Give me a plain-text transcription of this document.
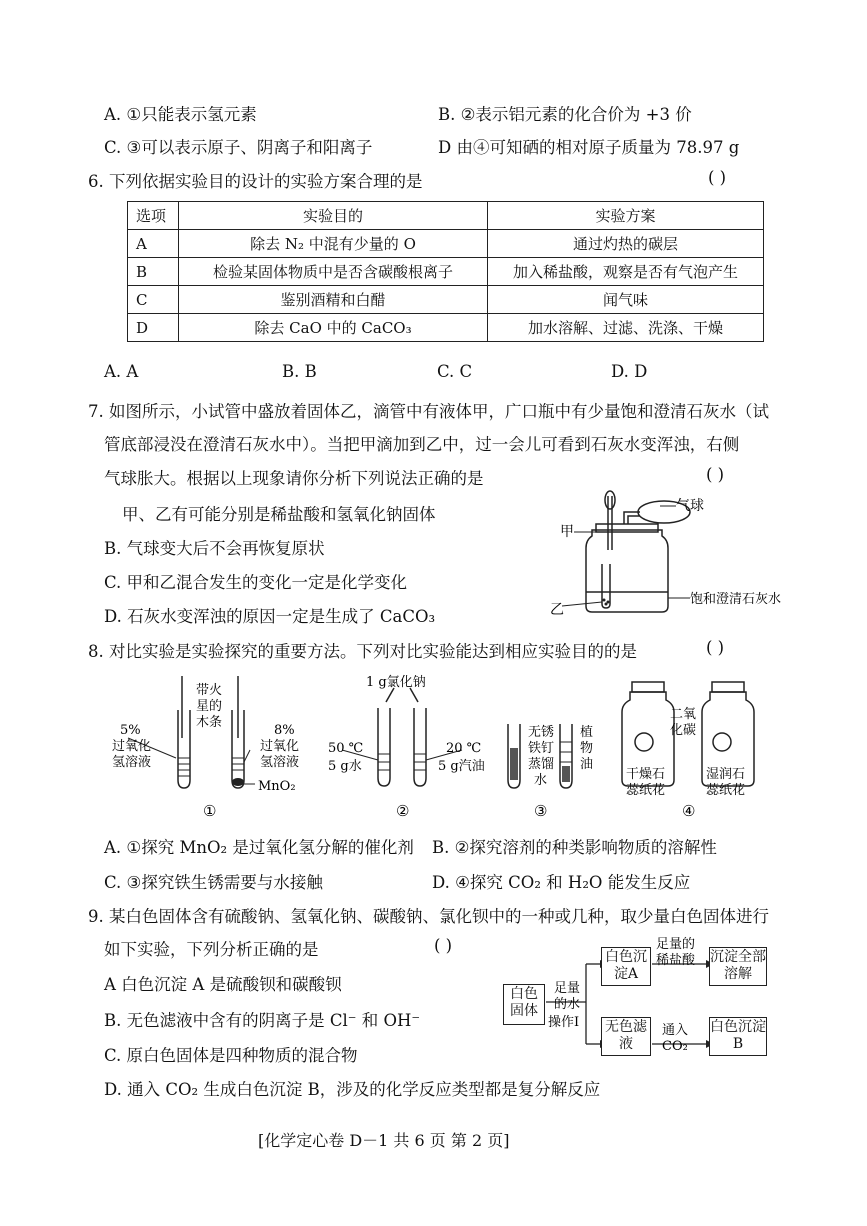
A. ①只能表示氢元素	B. ②表示铝元素的化合价为 +3 价
C. ③可以表示原子、阴离子和阳离子	D 由④可知硒的相对原子质量为 78.97 g
6. 下列依据实验目的设计的实验方案合理的是	( )
选项	实验目的	实验方案
A	除去 N₂ 中混有少量的 O	通过灼热的碳层
B	检验某固体物质中是否含碳酸根离子	加入稀盐酸，观察是否有气泡产生
C	鉴别酒精和白醋	闻气味
D	除去 CaO 中的 CaCO₃	加水溶解、过滤、洗涤、干燥
A. A	B. B	C. C	D. D
7. 如图所示，小试管中盛放着固体乙，滴管中有液体甲，广口瓶中有少量饱和澄清石灰水（试
管底部浸没在澄清石灰水中）。当把甲滴加到乙中，过一会儿可看到石灰水变浑浊，右侧
气球胀大。根据以上现象请你分析下列说法正确的是	( )
甲、乙有可能分别是稀盐酸和氢氧化钠固体
B. 气球变大后不会再恢复原状
C. 甲和乙混合发生的变化一定是化学变化
D. 石灰水变浑浊的原因一定是生成了 CaCO₃
气球
甲
乙
饱和澄清石灰水
8. 对比实验是实验探究的重要方法。下列对比实验能达到相应实验目的的是	( )
5%
过氧化
氢溶液
带火
星的
木条
8%
过氧化
氢溶液
MnO₂
①
1 g氯化钠
50 ℃
5 g水
20 ℃
5 g汽油
②
无锈
铁钉
蒸馏
水
植
物
油
③
二氧
化碳
干燥石
蕊纸花
湿润石
蕊纸花
④
A. ①探究 MnO₂ 是过氧化氢分解的催化剂 B. ②探究溶剂的种类影响物质的溶解性
C. ③探究铁生锈需要与水接触	D. ④探究 CO₂ 和 H₂O 能发生反应
9. 某白色固体含有硫酸钠、氢氧化钠、碳酸钠、氯化钡中的一种或几种，取少量白色固体进行
如下实验，下列分析正确的是	( )
A 白色沉淀 A 是硫酸钡和碳酸钡
B. 无色滤液中含有的阴离子是 Cl⁻ 和 OH⁻
C. 原白色固体是四种物质的混合物
D. 通入 CO₂ 生成白色沉淀 B，涉及的化学反应类型都是复分解反应
足量
的水
操作Ⅰ
足量的
稀盐酸
通入
CO₂
白色固体
白色沉淀A
沉淀全部溶解
无色滤液
白色沉淀B
[化学定心卷 D－1 共 6 页 第 2 页]
